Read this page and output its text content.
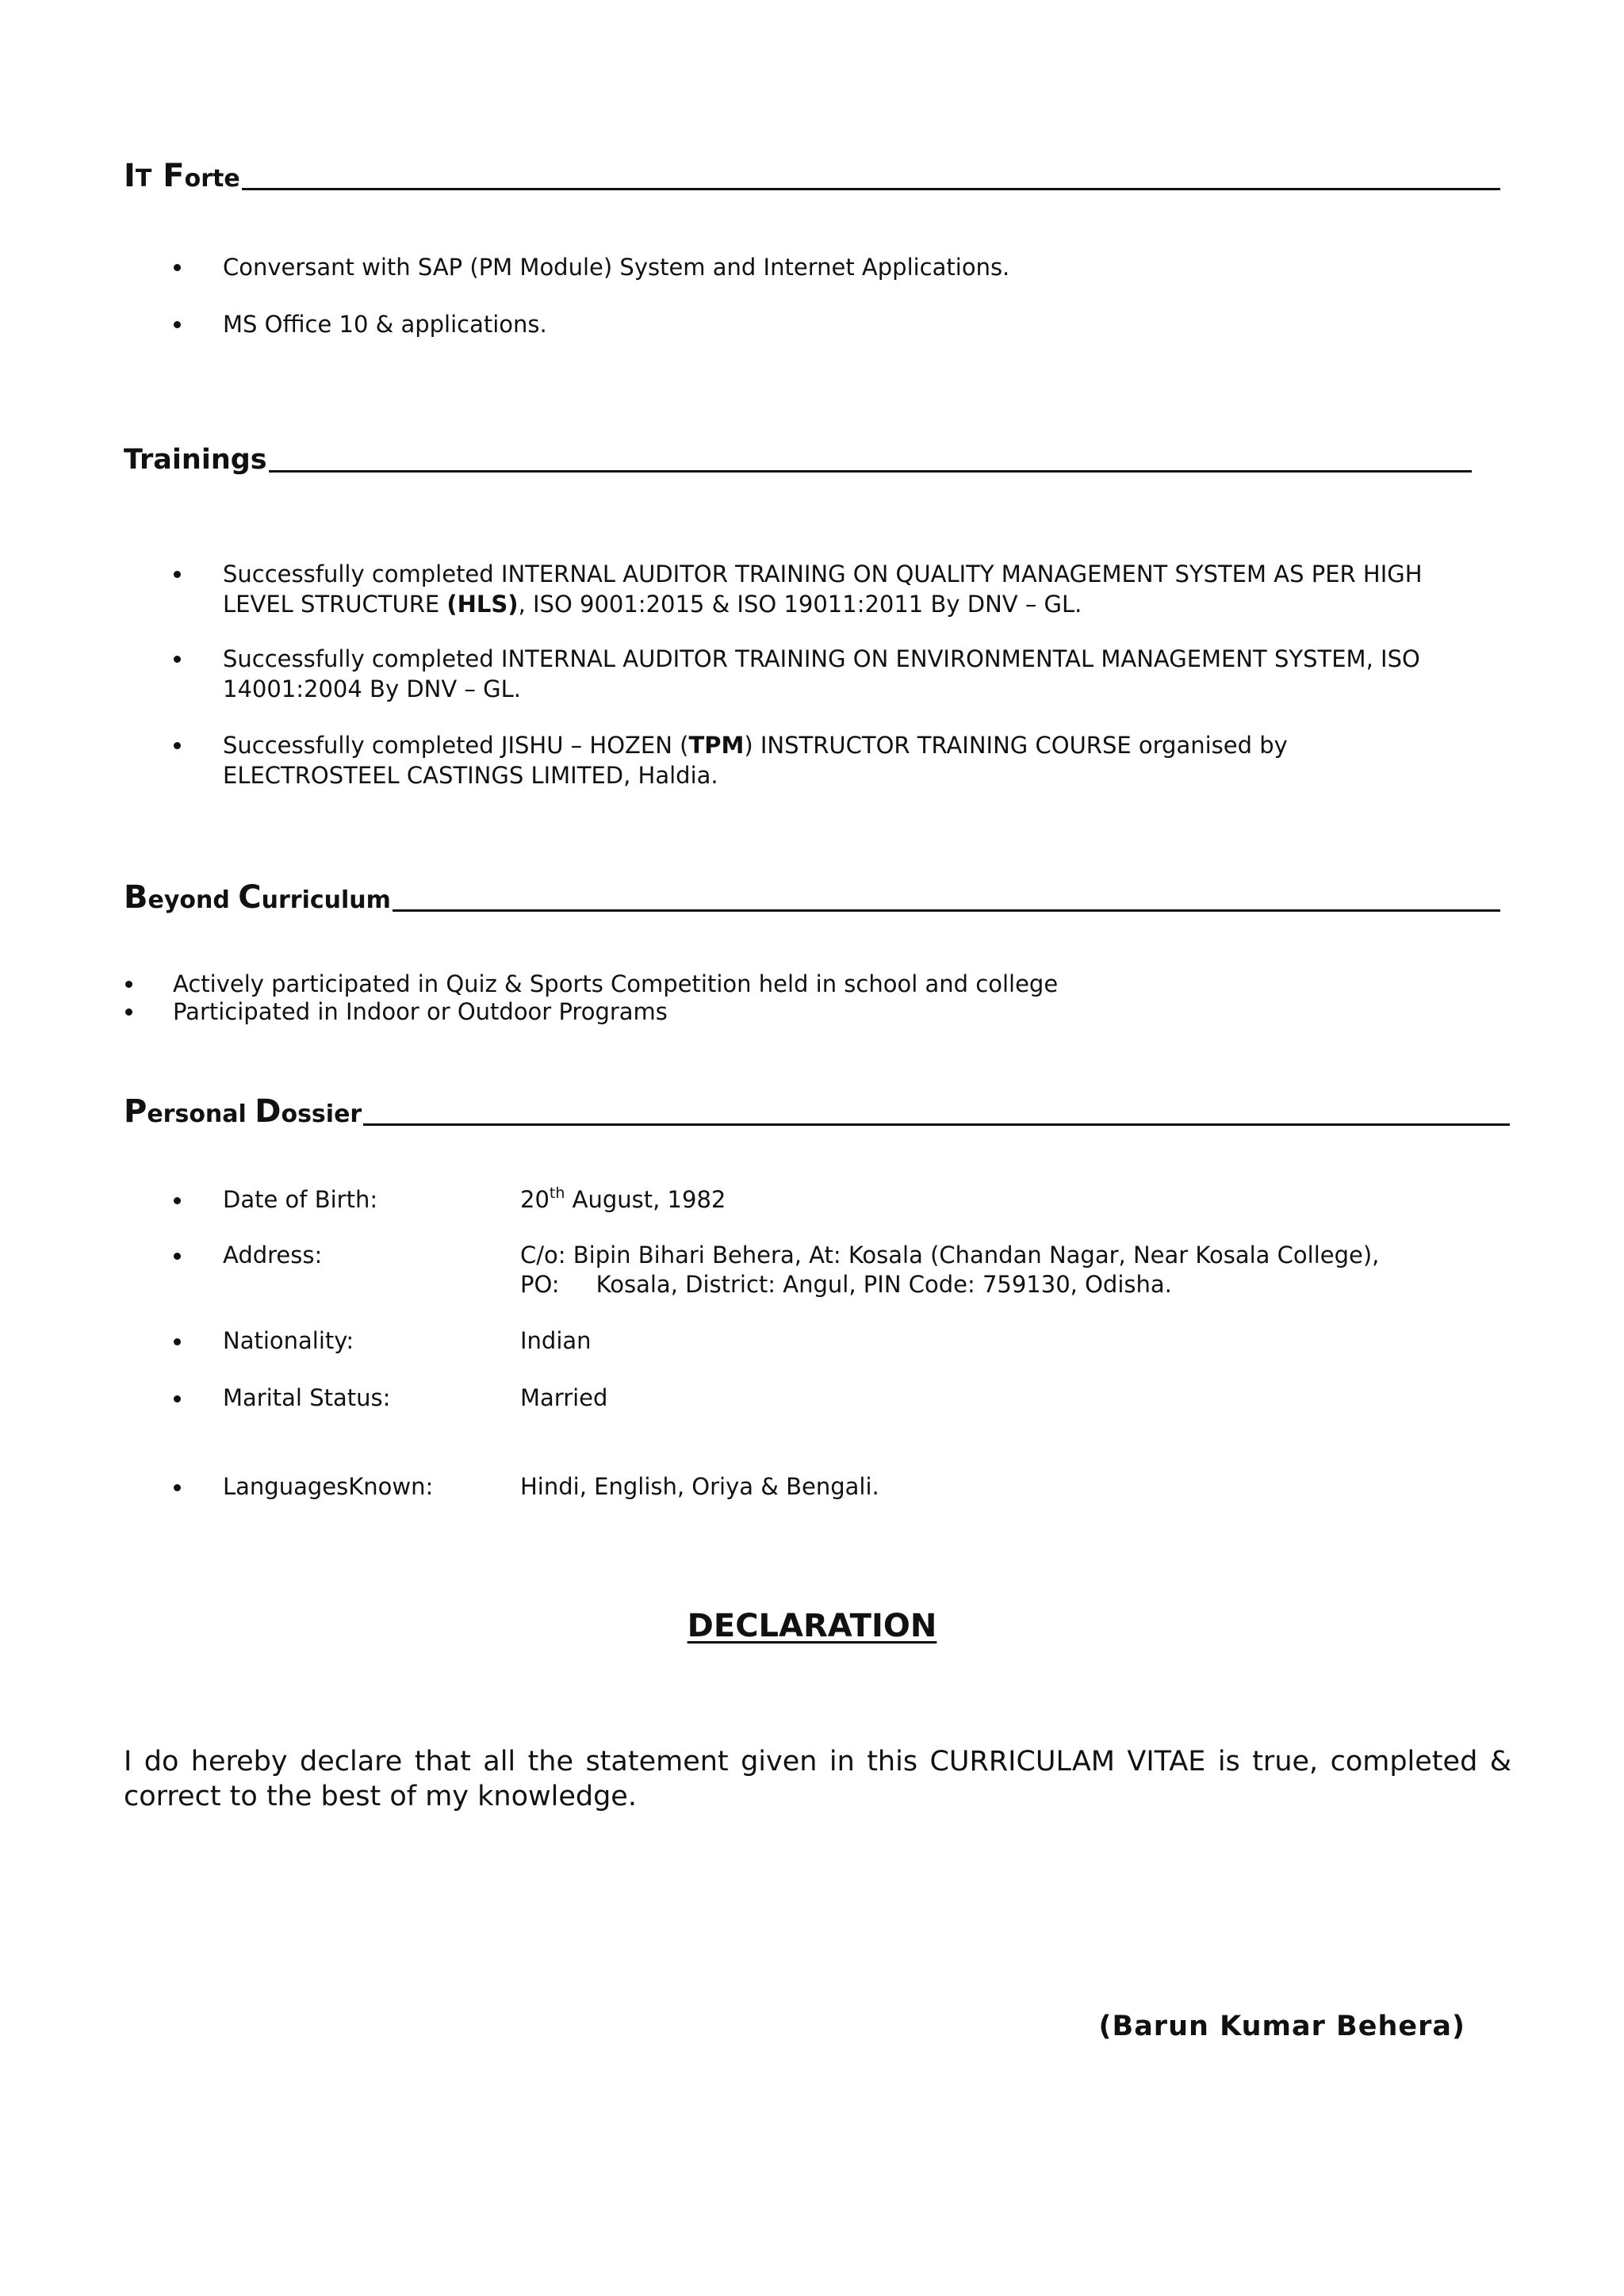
IT Forte
Conversant with SAP (PM Module) System and Internet Applications.
MS Office 10 & applications.
Trainings
Successfully completed INTERNAL AUDITOR TRAINING ON QUALITY MANAGEMENT SYSTEM AS PER HIGH
LEVEL STRUCTURE (HLS), ISO 9001:2015 & ISO 19011:2011 By DNV – GL.
Successfully completed INTERNAL AUDITOR TRAINING ON ENVIRONMENTAL MANAGEMENT SYSTEM, ISO
14001:2004 By DNV – GL.
Successfully completed JISHU – HOZEN (TPM) INSTRUCTOR TRAINING COURSE organised by
ELECTROSTEEL CASTINGS LIMITED, Haldia.
Beyond Curriculum
Actively participated in Quiz & Sports Competition held in school and college
Participated in Indoor or Outdoor Programs
Personal Dossier
Date of Birth:	20th August, 1982
Address:	C/o: Bipin Bihari Behera, At: Kosala (Chandan Nagar, Near Kosala College),
PO:     Kosala, District: Angul, PIN Code: 759130, Odisha.
Nationality:	Indian
Marital Status:	Married
LanguagesKnown:	Hindi, English, Oriya & Bengali.
DECLARATION
I do hereby declare that all the statement given in this CURRICULAM VITAE is true, completed & correct to the best of my knowledge.
(Barun Kumar Behera)
